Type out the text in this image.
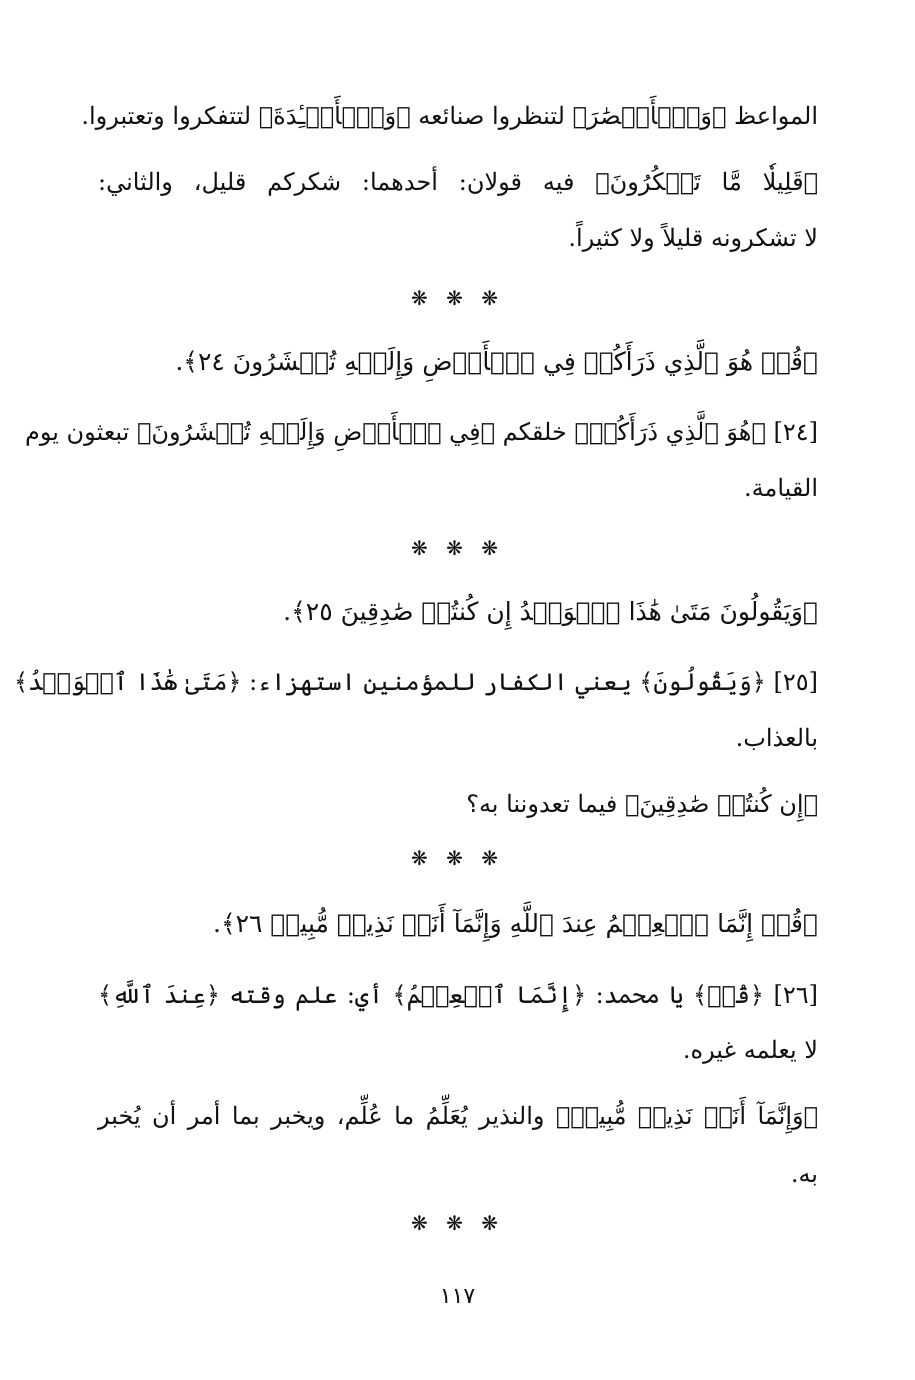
المواعظ ﴿وَٱلۡأَبۡصَٰرَ﴾ لتنظروا صنائعه ﴿وَٱلۡأَفۡـِٔدَةَ﴾ لتتفكروا وتعتبروا.
﴿قَلِيلٗا مَّا تَشۡكُرُونَ﴾ فيه قولان: أحدهما: شكركم قليل، والثاني:
لا تشكرونه قليلاً ولا كثيراً.
❋ ❋ ❋
﴿قُلۡ هُوَ ٱلَّذِي ذَرَأَكُمۡ فِي ٱلۡأَرۡضِ وَإِلَيۡهِ تُحۡشَرُونَ ٢٤﴾.
[٢٤] ﴿هُوَ ٱلَّذِي ذَرَأَكُمۡ﴾ خلقكم ﴿فِي ٱلۡأَرۡضِ وَإِلَيۡهِ تُحۡشَرُونَ﴾ تبعثون يوم
القيامة.
❋ ❋ ❋
﴿وَيَقُولُونَ مَتَىٰ هَٰذَا ٱلۡوَعۡدُ إِن كُنتُمۡ صَٰدِقِينَ ٢٥﴾.
[٢٥] ﴿وَيَقُولُونَ﴾ يعني الكفار للمؤمنين استهزاء: ﴿مَتَىٰ هَٰذَا ٱلۡوَعۡدُ﴾
بالعذاب.
﴿إِن كُنتُمۡ صَٰدِقِينَ﴾ فيما تعدوننا به؟
❋ ❋ ❋
﴿قُلۡ إِنَّمَا ٱلۡعِلۡمُ عِندَ ٱللَّهِ وَإِنَّمَآ أَنَا۠ نَذِيرٞ مُّبِينٞ ٢٦﴾.
[٢٦] ﴿قُلۡ﴾ يا محمد: ﴿إِنَّمَا ٱلۡعِلۡمُ﴾ أي: علم وقته ﴿عِندَ ٱللَّهِ﴾
لا يعلمه غيره.
﴿وَإِنَّمَآ أَنَا۠ نَذِيرٞ مُّبِينٞ﴾ والنذير يُعَلِّمُ ما عُلِّم، ويخبر بما أمر أن يُخبر
به.
❋ ❋ ❋
١١٧
